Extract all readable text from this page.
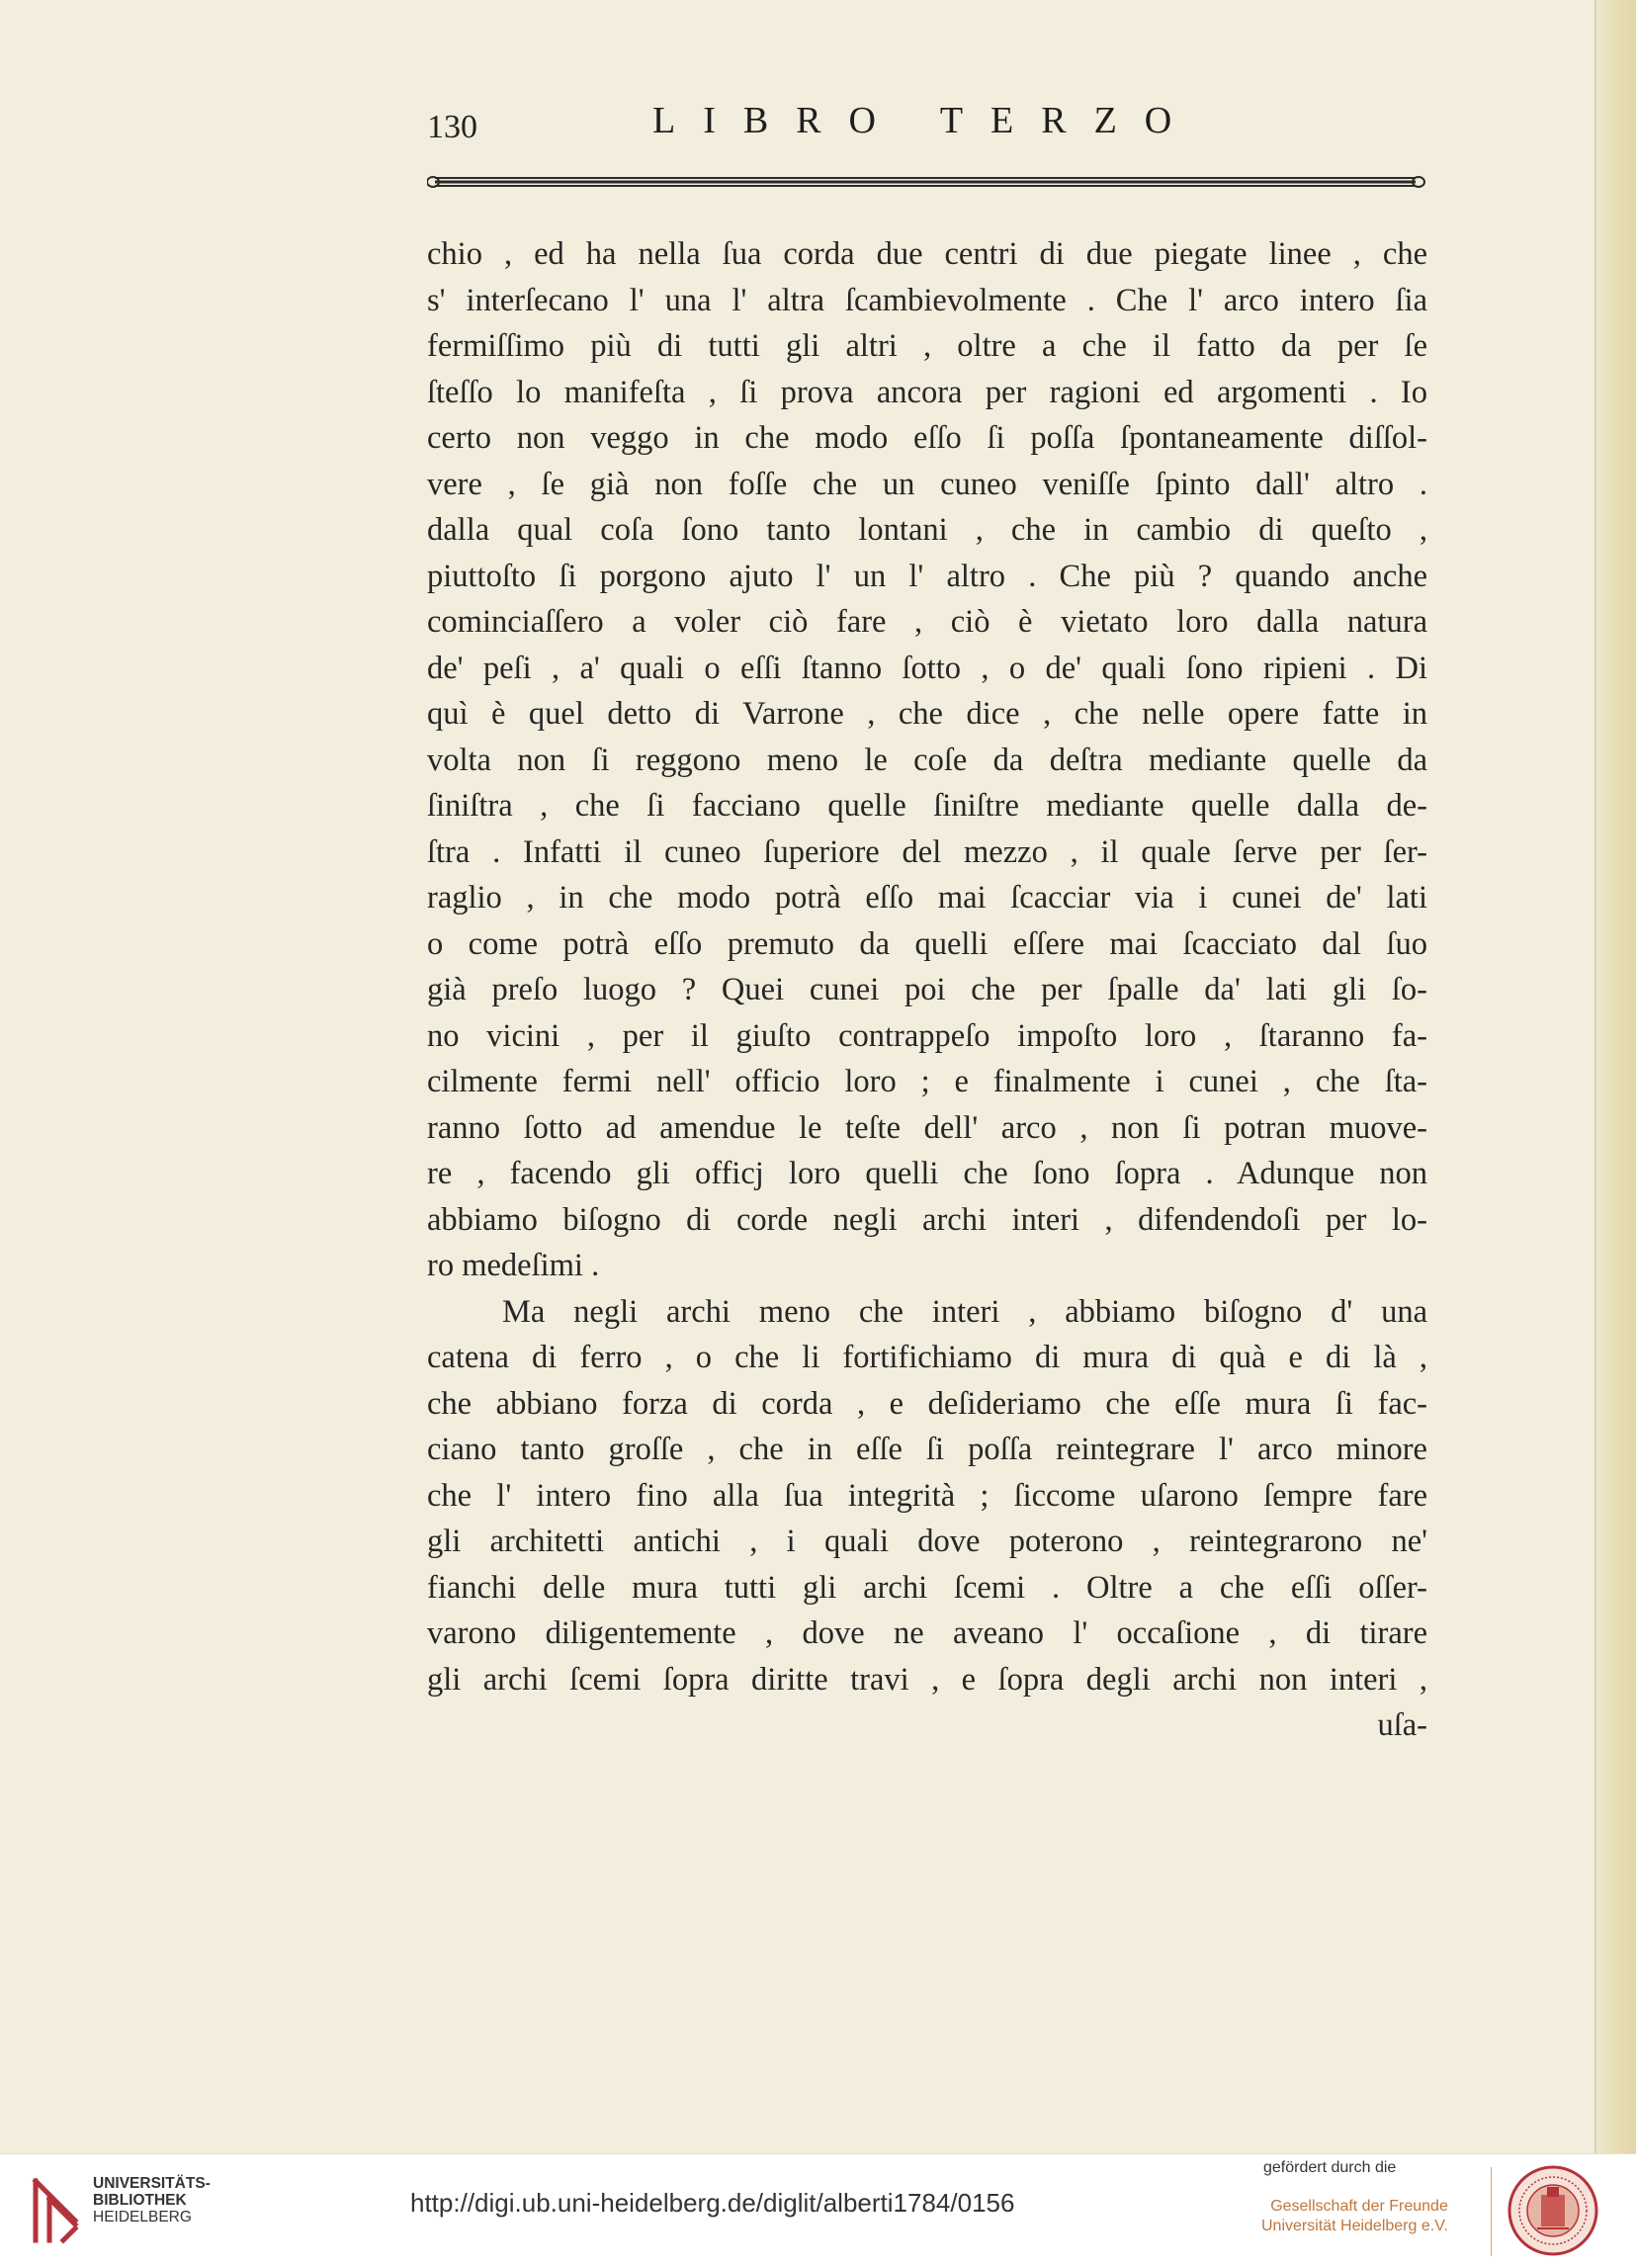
130	LIBRO TERZO
chio , ed ha nella ſua corda due centri di due piegate linee , che
s' interſecano l' una l' altra ſcambievolmente . Che l' arco intero ſia
fermiſſimo più di tutti gli altri , oltre a che il fatto da per ſe
ſteſſo lo manifeſta , ſi prova ancora per ragioni ed argomenti . Io
certo non veggo in che modo eſſo ſi poſſa ſpontaneamente diſſol-
vere , ſe già non foſſe che un cuneo veniſſe ſpinto dall' altro .
dalla qual coſa ſono tanto lontani , che in cambio di queſto ,
piuttoſto ſi porgono ajuto l' un l' altro . Che più ? quando anche
cominciaſſero a voler ciò fare , ciò è vietato loro dalla natura
de' peſi , a' quali o eſſi ſtanno ſotto , o de' quali ſono ripieni . Di
quì è quel detto di Varrone , che dice , che nelle opere fatte in
volta non ſi reggono meno le coſe da deſtra mediante quelle da
ſiniſtra , che ſi facciano quelle ſiniſtre mediante quelle dalla de-
ſtra . Infatti il cuneo ſuperiore del mezzo , il quale ſerve per ſer-
raglio , in che modo potrà eſſo mai ſcacciar via i cunei de' lati
o come potrà eſſo premuto da quelli eſſere mai ſcacciato dal ſuo
già preſo luogo ? Quei cunei poi che per ſpalle da' lati gli ſo-
no vicini , per il giuſto contrappeſo impoſto loro , ſtaranno fa-
cilmente fermi nell' officio loro ; e finalmente i cunei , che ſta-
ranno ſotto ad amendue le teſte dell' arco , non ſi potran muove-
re , facendo gli officj loro quelli che ſono ſopra . Adunque non
abbiamo biſogno di corde negli archi interi , difendendoſi per lo-
ro medeſimi .
Ma negli archi meno che interi , abbiamo biſogno d' una
catena di ferro , o che li fortifichiamo di mura di quà e di là ,
che abbiano forza di corda , e deſideriamo che eſſe mura ſi fac-
ciano tanto groſſe , che in eſſe ſi poſſa reintegrare l' arco minore
che l' intero fino alla ſua integrità ; ſiccome uſarono ſempre fare
gli architetti antichi , i quali dove poterono , reintegrarono ne'
fianchi delle mura tutti gli archi ſcemi . Oltre a che eſſi oſſer-
varono diligentemente , dove ne aveano l' occaſione , di tirare
gli archi ſcemi ſopra diritte travi , e ſopra degli archi non interi ,
uſa-
UNIVERSITÄTS-
BIBLIOTHEK
HEIDELBERG	http://digi.ub.uni-heidelberg.de/diglit/alberti1784/0156
gefördert durch die
Gesellschaft der Freunde
Universität Heidelberg e.V.
